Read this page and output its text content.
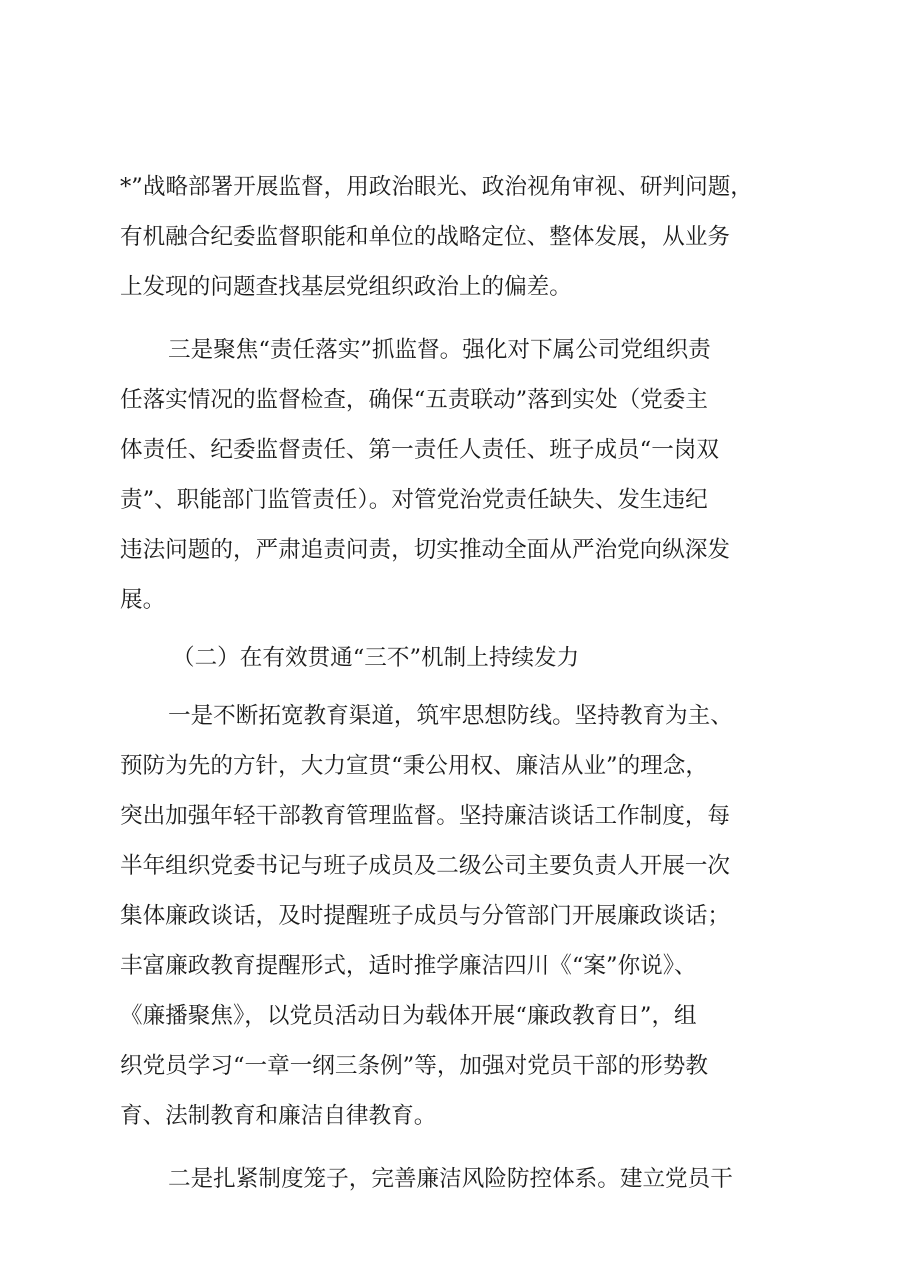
*”战略部署开展监督，用政治眼光、政治视角审视、研判问题，
有机融合纪委监督职能和单位的战略定位、整体发展，从业务
上发现的问题查找基层党组织政治上的偏差。
三是聚焦“责任落实”抓监督。强化对下属公司党组织责
任落实情况的监督检查，确保“五责联动”落到实处（党委主
体责任、纪委监督责任、第一责任人责任、班子成员“一岗双
责”、职能部门监管责任）。对管党治党责任缺失、发生违纪
违法问题的，严肃追责问责，切实推动全面从严治党向纵深发
展。
（二）在有效贯通“三不”机制上持续发力
一是不断拓宽教育渠道，筑牢思想防线。坚持教育为主、
预防为先的方针，大力宣贯“秉公用权、廉洁从业”的理念，
突出加强年轻干部教育管理监督。坚持廉洁谈话工作制度，每
半年组织党委书记与班子成员及二级公司主要负责人开展一次
集体廉政谈话，及时提醒班子成员与分管部门开展廉政谈话；
丰富廉政教育提醒形式，适时推学廉洁四川《“案”你说》、
《廉播聚焦》，以党员活动日为载体开展“廉政教育日”，组
织党员学习“一章一纲三条例”等，加强对党员干部的形势教
育、法制教育和廉洁自律教育。
二是扎紧制度笼子，完善廉洁风险防控体系。建立党员干
